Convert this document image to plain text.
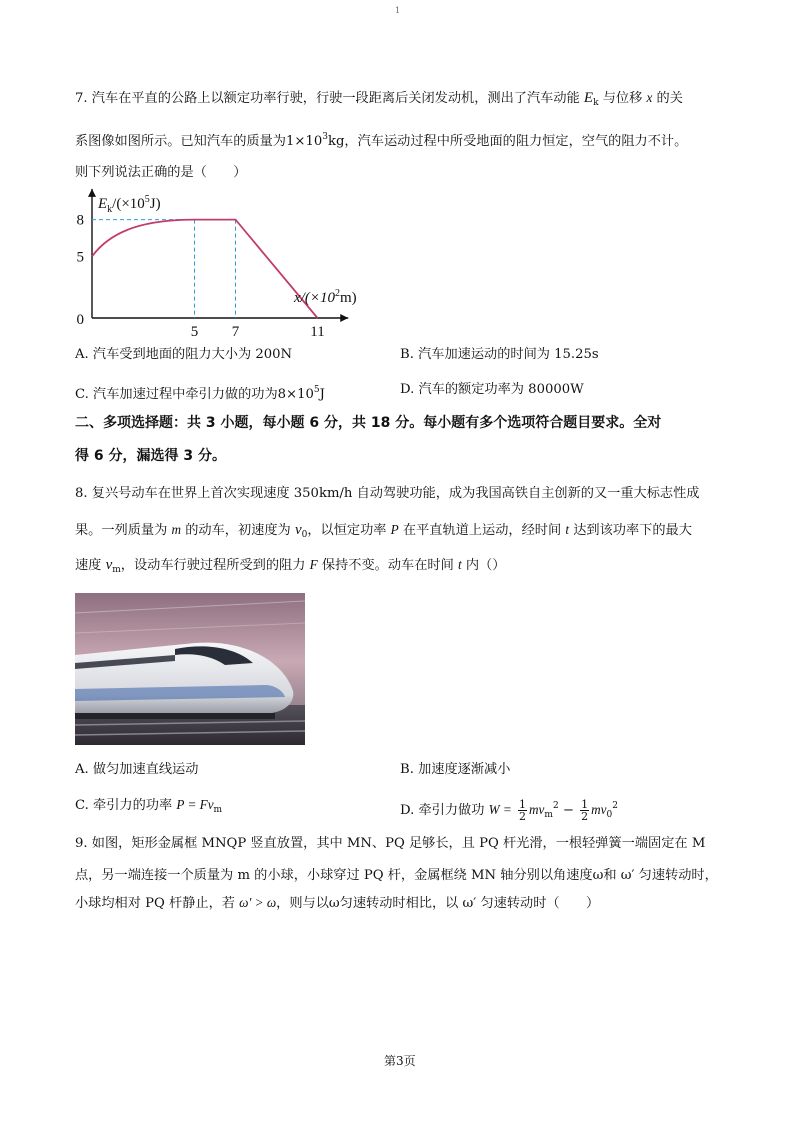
1
7. 汽车在平直的公路上以额定功率行驶，行驶一段距离后关闭发动机，测出了汽车动能 $E_k$ 与位移 x 的关
系图像如图所示。已知汽车的质量为$1\times 10^3kg$，汽车运动过程中所受地面的阻力恒定，空气的阻力不计。
则下列说法正确的是（　　）
5 7	11
5
8
0
$E_k/(\times 10^5J)$
$x/(\times 10^2m)$
A. 汽车受到地面的阻力大小为 200N	B. 汽车加速运动的时间为 15.25s
C. 汽车加速过程中牵引力做的功为$8\times 10^5J$	D. 汽车的额定功率为 80000W
二、多项选择题：共 3 小题，每小题 6 分，共 18 分。每小题有多个选项符合题目要求。全对
得 6 分，漏选得 3 分。
8. 复兴号动车在世界上首次实现速度 350km/h 自动驾驶功能，成为我国高铁自主创新的又一重大标志性成
果。一列质量为 m 的动车，初速度为 $v_0$，以恒定功率 P 在平直轨道上运动，经时间 t 达到该功率下的最大
速度 $v_m$，设动车行驶过程所受到的阻力 F 保持不变。动车在时间 t 内（）
A. 做匀加速直线运动	B. 加速度逐渐减小
C. 牵引力的功率 $P = Fv_m$	D. 牵引力做功 $W = \frac{1}{2} mv_m^2 - \frac{1}{2} mv_0^2$
9. 如图，矩形金属框 MNQP 竖直放置，其中 MN、PQ 足够长，且 PQ 杆光滑，一根轻弹簧一端固定在 M
点，另一端连接一个质量为 m 的小球，小球穿过 PQ 杆，金属框绕 MN 轴分别以角速度ω和 ω′ 匀速转动时，
小球均相对 PQ 杆静止，若 ω′ > ω，则与以ω匀速转动时相比，以 ω′ 匀速转动时（　　）
第3页
